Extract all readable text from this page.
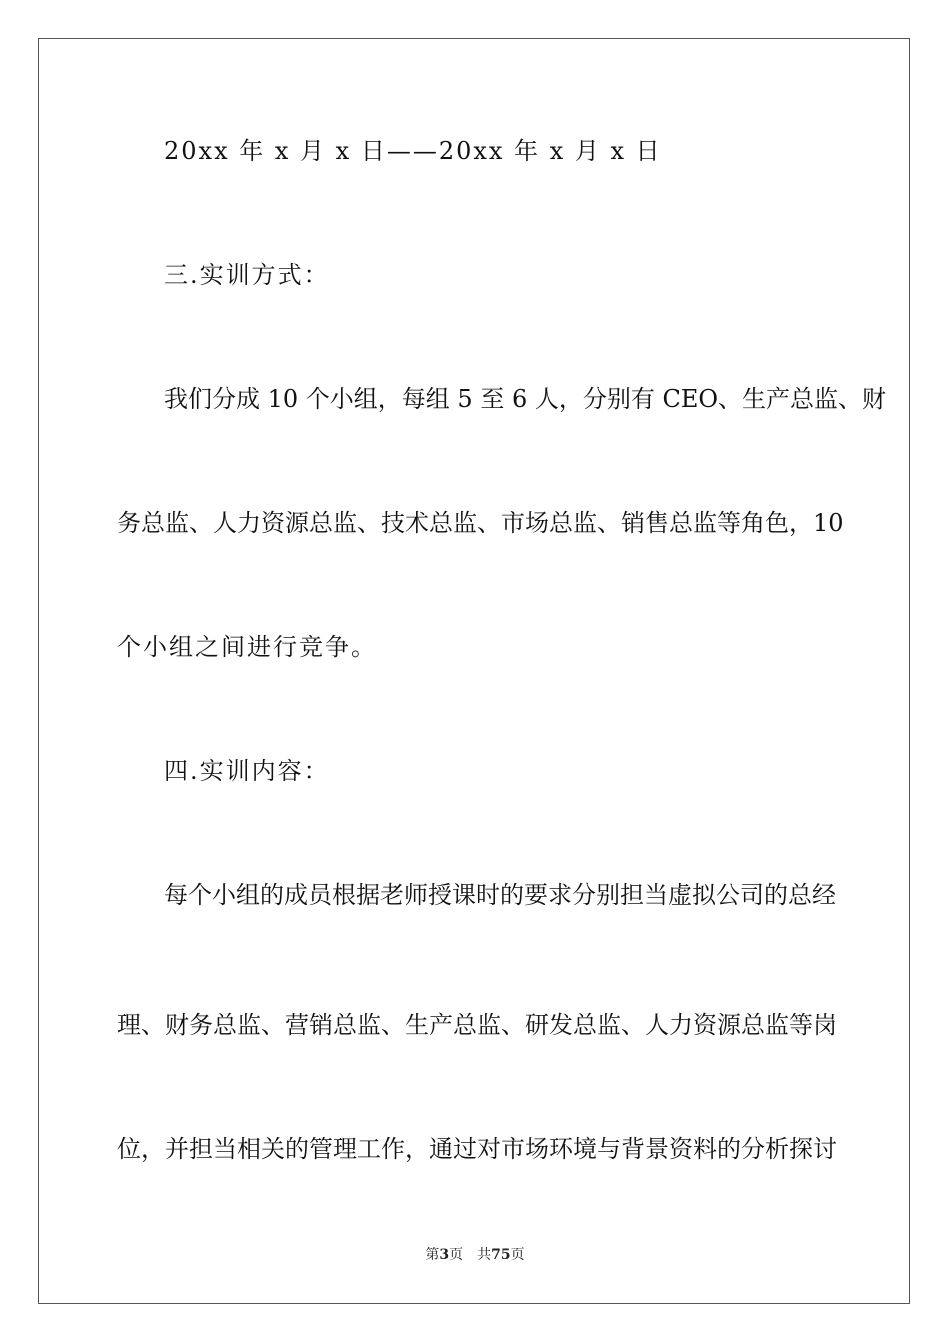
20xx 年 x 月 x 日——20xx 年 x 月 x 日
三.实训方式：
我们分成 10 个小组，每组 5 至 6 人，分别有 CEO、生产总监、财
务总监、人力资源总监、技术总监、市场总监、销售总监等角色，10
个小组之间进行竞争。
四.实训内容：
每个小组的成员根据老师授课时的要求分别担当虚拟公司的总经
理、财务总监、营销总监、生产总监、研发总监、人力资源总监等岗
位，并担当相关的管理工作，通过对市场环境与背景资料的分析探讨
第3页　共75页
